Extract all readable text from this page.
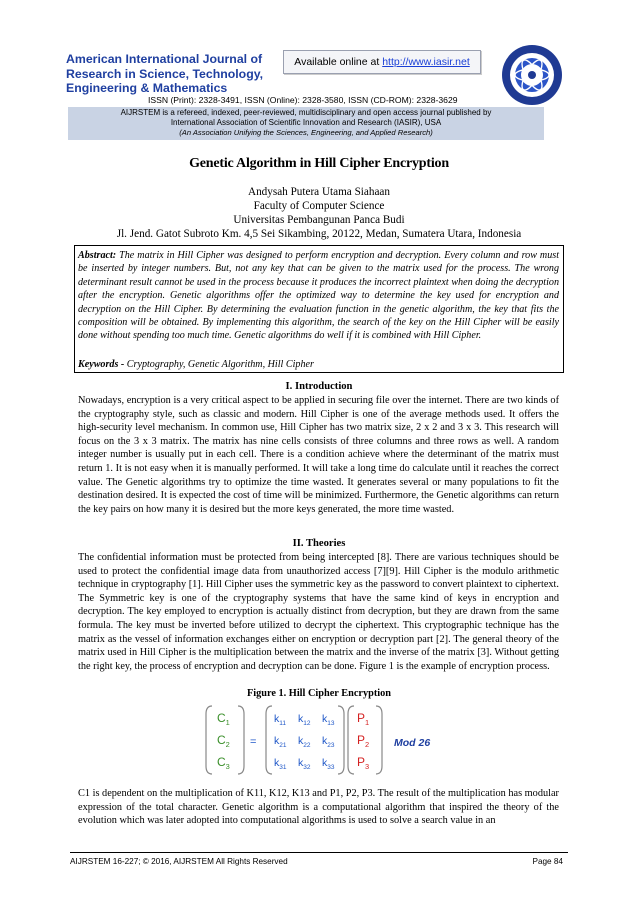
American International Journal of
Research in Science, Technology,
Engineering & Mathematics
Available online at http://www.iasir.net
ISSN (Print): 2328-3491, ISSN (Online): 2328-3580, ISSN (CD-ROM): 2328-3629
AIJRSTEM is a refereed, indexed, peer-reviewed, multidisciplinary and open access journal published by
International Association of Scientific Innovation and Research (IASIR), USA
(An Association Unifying the Sciences, Engineering, and Applied Research)
Genetic Algorithm in Hill Cipher Encryption
Andysah Putera Utama Siahaan
Faculty of Computer Science
Universitas Pembangunan Panca Budi
Jl. Jend. Gatot Subroto Km. 4,5 Sei Sikambing, 20122, Medan, Sumatera Utara, Indonesia
Abstract: The matrix in Hill Cipher was designed to perform encryption and decryption. Every column and row must be inserted by integer numbers. But, not any key that can be given to the matrix used for the process. The wrong determinant result cannot be used in the process because it produces the incorrect plaintext when doing the decryption after the encryption. Genetic algorithms offer the optimized way to determine the key used for encryption and decryption on the Hill Cipher. By determining the evaluation function in the genetic algorithm, the key that fits the composition will be obtained. By implementing this algorithm, the search of the key on the Hill Cipher will be easily done without spending too much time. Genetic algorithms do well if it is combined with Hill Cipher.
Keywords - Cryptography, Genetic Algorithm, Hill Cipher
I. Introduction
Nowadays, encryption is a very critical aspect to be applied in securing file over the internet. There are two kinds of the cryptography style, such as classic and modern. Hill Cipher is one of the average methods used. It offers the high-security level mechanism. In common use, Hill Cipher has two matrix size, 2 x 2 and 3 x 3. This research will focus on the 3 x 3 matrix. The matrix has nine cells consists of three columns and three rows as well. A random integer number is usually put in each cell. There is a condition achieve where the determinant of the matrix must return 1. It is not easy when it is manually performed. It will take a long time do calculate until it reaches the correct value. The Genetic algorithms try to optimize the time wasted. It generates several or many populations to fit the destination desired. It is expected the cost of time will be minimized. Furthermore, the Genetic algorithms can return the key pairs on how many it is desired but the more keys generated, the more time wasted.
II. Theories
The confidential information must be protected from being intercepted [8]. There are various techniques should be used to protect the confidential image data from unauthorized access [7][9]. Hill Cipher is the modulo arithmetic technique in cryptography [1]. Hill Cipher uses the symmetric key as the password to convert plaintext to ciphertext. The Symmetric key is one of the cryptography systems that have the same kind of keys in encryption and decryption. The key employed to encryption is actually distinct from decryption, but they are drawn from the same formula. The key must be inverted before utilized to decrypt the ciphertext. This cryptographic technique has the matrix as the vessel of information exchanges either on encryption or decryption part [2]. The general theory of the matrix used in Hill Cipher is the multiplication between the matrix and the inverse of the matrix [3]. Without getting the right key, the process of encryption and decryption can be done. Figure 1 is the example of encryption process.
Figure 1. Hill Cipher Encryption
$C_1$
$C_2$
$C_3$
=
$k_{11}$ $k_{12}$ $k_{13}$
$k_{21}$ $k_{22}$ $k_{23}$
$k_{31}$ $k_{32}$ $k_{33}$
$P_1$
$P_2$
$P_3$
Mod 26
C1 is dependent on the multiplication of K11, K12, K13 and P1, P2, P3. The result of the multiplication has modular expression of the total character. Genetic algorithm is a computational algorithm that inspired the theory of the evolution which was later adopted into computational algorithms is used to solve a search value in an
AIJRSTEM 16-227; © 2016, AIJRSTEM All Rights Reserved	Page 84
